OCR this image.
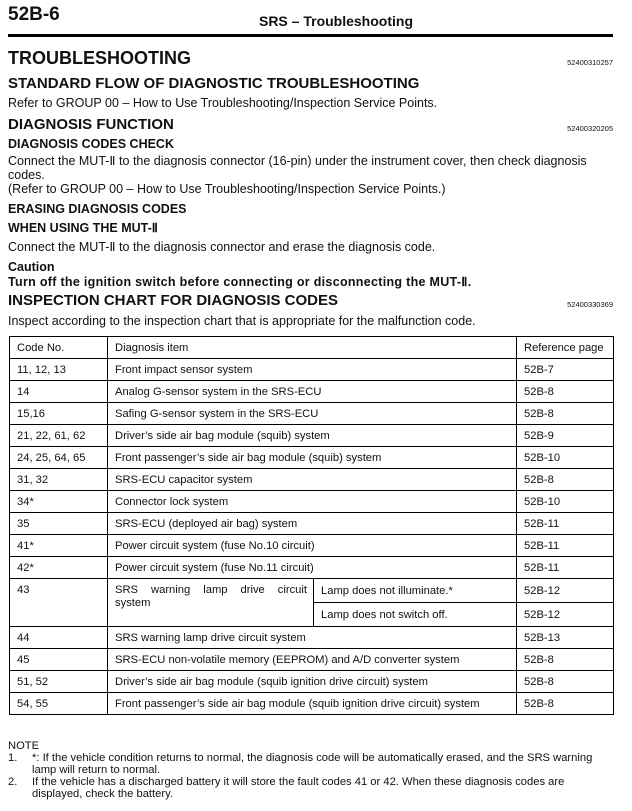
52B-6	SRS – Troubleshooting
TROUBLESHOOTING	52400310257
STANDARD FLOW OF DIAGNOSTIC TROUBLESHOOTING
Refer to GROUP 00 – How to Use Troubleshooting/Inspection Service Points.
DIAGNOSIS FUNCTION	52400320205
DIAGNOSIS CODES CHECK
Connect the MUT-Ⅱ to the diagnosis connector (16-pin) under the instrument cover, then check diagnosis codes.
(Refer to GROUP 00 – How to Use Troubleshooting/Inspection Service Points.)
ERASING DIAGNOSIS CODES
WHEN USING THE MUT-Ⅱ
Connect the MUT-Ⅱ to the diagnosis connector and erase the diagnosis code.
Caution
Turn off the ignition switch before connecting or disconnecting the MUT-Ⅱ.
INSPECTION CHART FOR DIAGNOSIS CODES	52400330369
Inspect according to the inspection chart that is appropriate for the malfunction code.
Code No.	Diagnosis item		Reference page
11, 12, 13	Front impact sensor system		52B-7
14	Analog G-sensor system in the SRS-ECU		52B-8
15,16	Safing G-sensor system in the SRS-ECU		52B-8
21, 22, 61, 62	Driver’s side air bag module (squib) system		52B-9
24, 25, 64, 65	Front passenger’s side air bag module (squib) system		52B-10
31, 32	SRS-ECU capacitor system		52B-8
34*	Connector lock system		52B-10
35	SRS-ECU (deployed air bag) system		52B-11
41*	Power circuit system (fuse No.10 circuit)		52B-11
42*	Power circuit system (fuse No.11 circuit)		52B-11
43	SRS warning lamp drive circuit system	Lamp does not illuminate.*	52B-12
		Lamp does not switch off.	52B-12
44	SRS warning lamp drive circuit system		52B-13
45	SRS-ECU non-volatile memory (EEPROM) and A/D converter system		52B-8
51, 52	Driver’s side air bag module (squib ignition drive circuit) system		52B-8
54, 55	Front passenger’s side air bag module (squib ignition drive circuit) system		52B-8
NOTE
1.	*: If the vehicle condition returns to normal, the diagnosis code will be automatically erased, and the SRS warning lamp will return to normal.
2.	If the vehicle has a discharged battery it will store the fault codes 41 or 42. When these diagnosis codes are displayed, check the battery.
